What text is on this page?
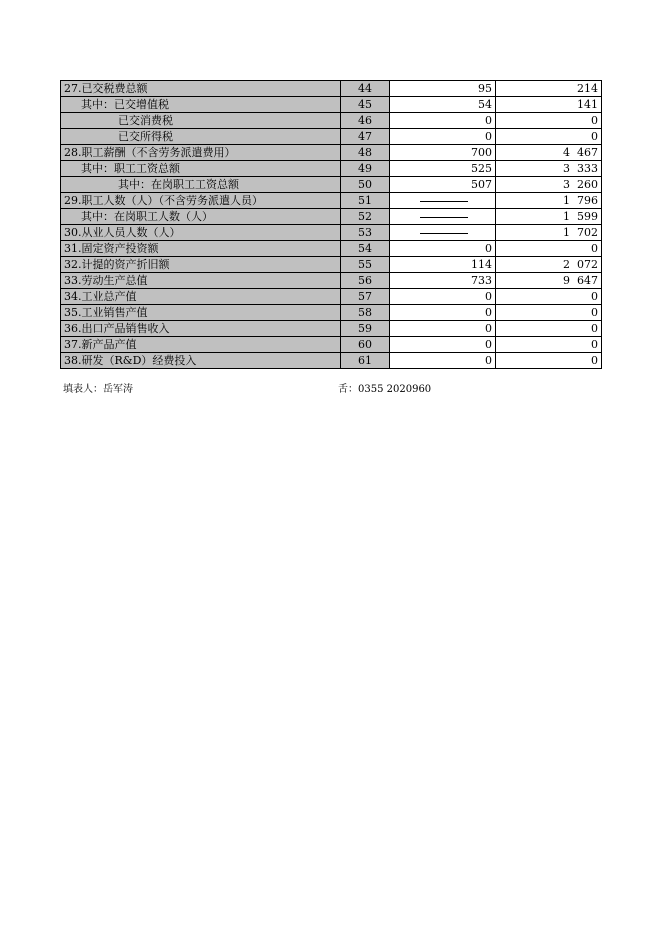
27.已交税费总额	44	95	214
其中：已交增值税	45	54	141
已交消费税	46	0	0
已交所得税	47	0	0
28.职工薪酬（不含劳务派遣费用）	48	700	4  467
其中：职工工资总额	49	525	3  333
其中：在岗职工工资总额	50	507	3  260
29.职工人数（人）（不含劳务派遣人员）	51		1  796
其中：在岗职工人数（人）	52		1  599
30.从业人员人数（人）	53		1  702
31.固定资产投资额	54	0	0
32.计提的资产折旧额	55	114	2  072
33.劳动生产总值	56	733	9  647
34.工业总产值	57	0	0
35.工业销售产值	58	0	0
36.出口产品销售收入	59	0	0
37.新产品产值	60	0	0
38.研发（R&D）经费投入	61	0	0
填表人：岳军涛	舌：0355 2020960
